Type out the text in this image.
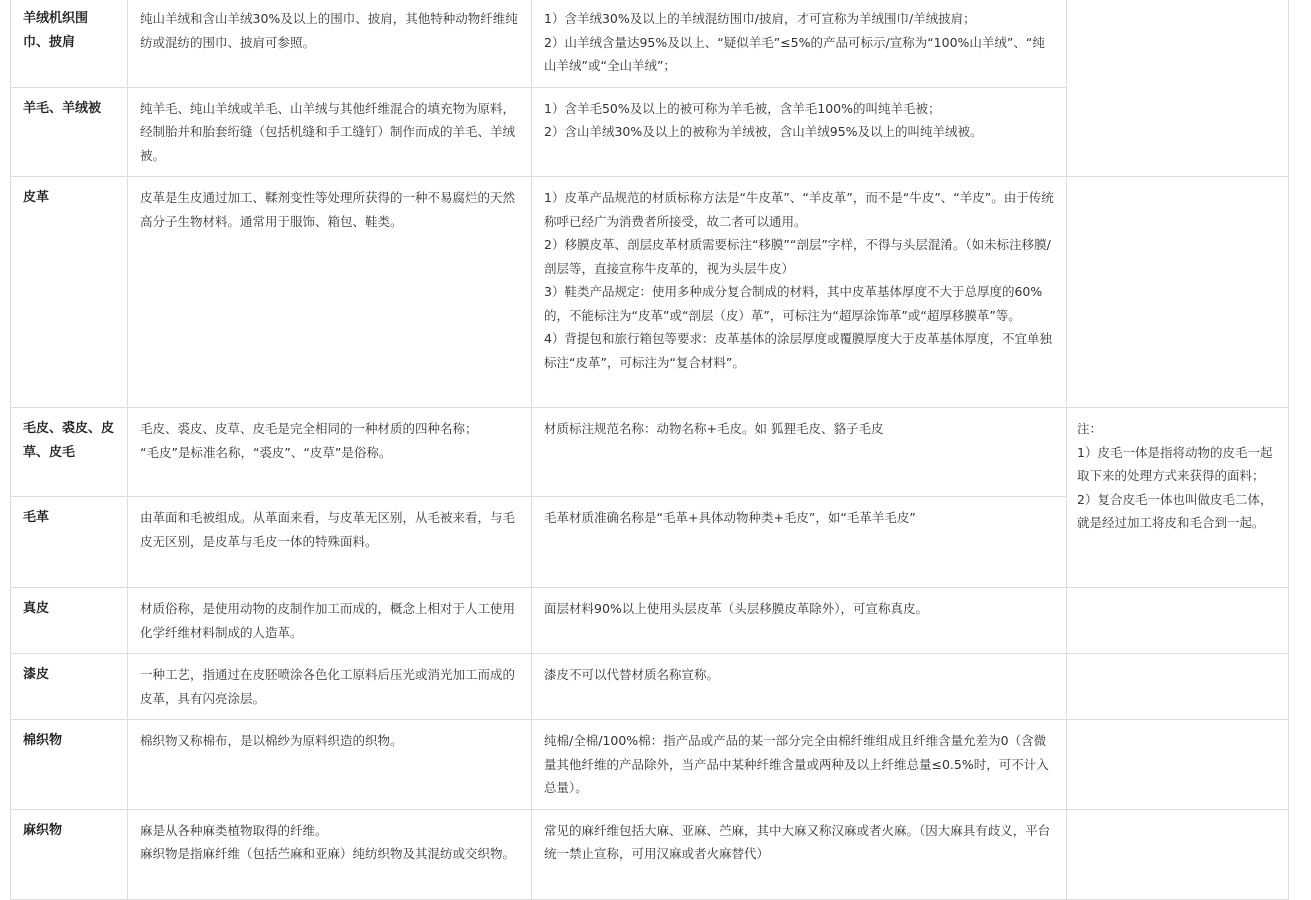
羊绒机织围巾、披肩	纯山羊绒和含山羊绒30%及以上的围巾、披肩，其他特种动物纤维纯纺或混纺的围巾、披肩可参照。	1）含羊绒30%及以上的羊绒混纺围巾/披肩，才可宣称为羊绒围巾/羊绒披肩；
2）山羊绒含量达95%及以上、“疑似羊毛”≤5%的产品可标示/宣称为“100%山羊绒”、“纯山羊绒”或“全山羊绒”；	

羊毛、羊绒被	纯羊毛、纯山羊绒或羊毛、山羊绒与其他纤维混合的填充物为原料，经制胎并和胎套绗缝（包括机缝和手工缝钉）制作而成的羊毛、羊绒被。	1）含羊毛50%及以上的被可称为羊毛被，含羊毛100%的叫纯羊毛被；
2）含山羊绒30%及以上的被称为羊绒被，含山羊绒95%及以上的叫纯羊绒被。	

皮革	皮革是生皮通过加工、鞣剂变性等处理所获得的一种不易腐烂的天然高分子生物材料。通常用于服饰、箱包、鞋类。	1）皮革产品规范的材质标称方法是“牛皮革”、“羊皮革”，而不是“牛皮”、“羊皮”。由于传统称呼已经广为消费者所接受，故二者可以通用。
2）移膜皮革、剖层皮革材质需要标注“移膜”“剖层”字样，不得与头层混淆。（如未标注移膜/剖层等，直接宣称牛皮革的，视为头层牛皮）
3）鞋类产品规定：使用多种成分复合制成的材料，其中皮革基体厚度不大于总厚度的60%的，不能标注为“皮革”或“剖层（皮）革”，可标注为“超厚涂饰革”或“超厚移膜革”等。
4）背提包和旅行箱包等要求：皮革基体的涂层厚度或覆膜厚度大于皮革基体厚度，不宜单独标注“皮革”，可标注为“复合材料”。	

毛皮、裘皮、皮草、皮毛	毛皮、裘皮、皮草、皮毛是完全相同的一种材质的四种名称；
“毛皮”是标准名称，“裘皮”、“皮草”是俗称。	材质标注规范名称：动物名称+毛皮。如 狐狸毛皮、貉子毛皮	注：
1）皮毛一体是指将动物的皮毛一起取下来的处理方式来获得的面料；
2）复合皮毛一体也叫做皮毛二体，就是经过加工将皮和毛合到一起。

毛革	由革面和毛被组成。从革面来看，与皮革无区别，从毛被来看，与毛皮无区别，是皮革与毛皮一体的特殊面料。	毛革材质准确名称是“毛革+具体动物种类+毛皮”，如“毛革羊毛皮”	

真皮	材质俗称，是使用动物的皮制作加工而成的，概念上相对于人工使用化学纤维材料制成的人造革。	面层材料90%以上使用头层皮革（头层移膜皮革除外），可宣称真皮。	

漆皮	一种工艺，指通过在皮胚喷涂各色化工原料后压光或消光加工而成的皮革，具有闪亮涂层。	漆皮不可以代替材质名称宣称。	

棉织物	棉织物又称棉布，是以棉纱为原料织造的织物。	纯棉/全棉/100%棉：指产品或产品的某一部分完全由棉纤维组成且纤维含量允差为0（含微量其他纤维的产品除外，当产品中某种纤维含量或两种及以上纤维总量≤0.5%时，可不计入总量）。	

麻织物	麻是从各种麻类植物取得的纤维。
麻织物是指麻纤维（包括苎麻和亚麻）纯纺织物及其混纺或交织物。	常见的麻纤维包括大麻、亚麻、苎麻，其中大麻又称汉麻或者火麻。（因大麻具有歧义，平台统一禁止宣称，可用汉麻或者火麻替代）	
